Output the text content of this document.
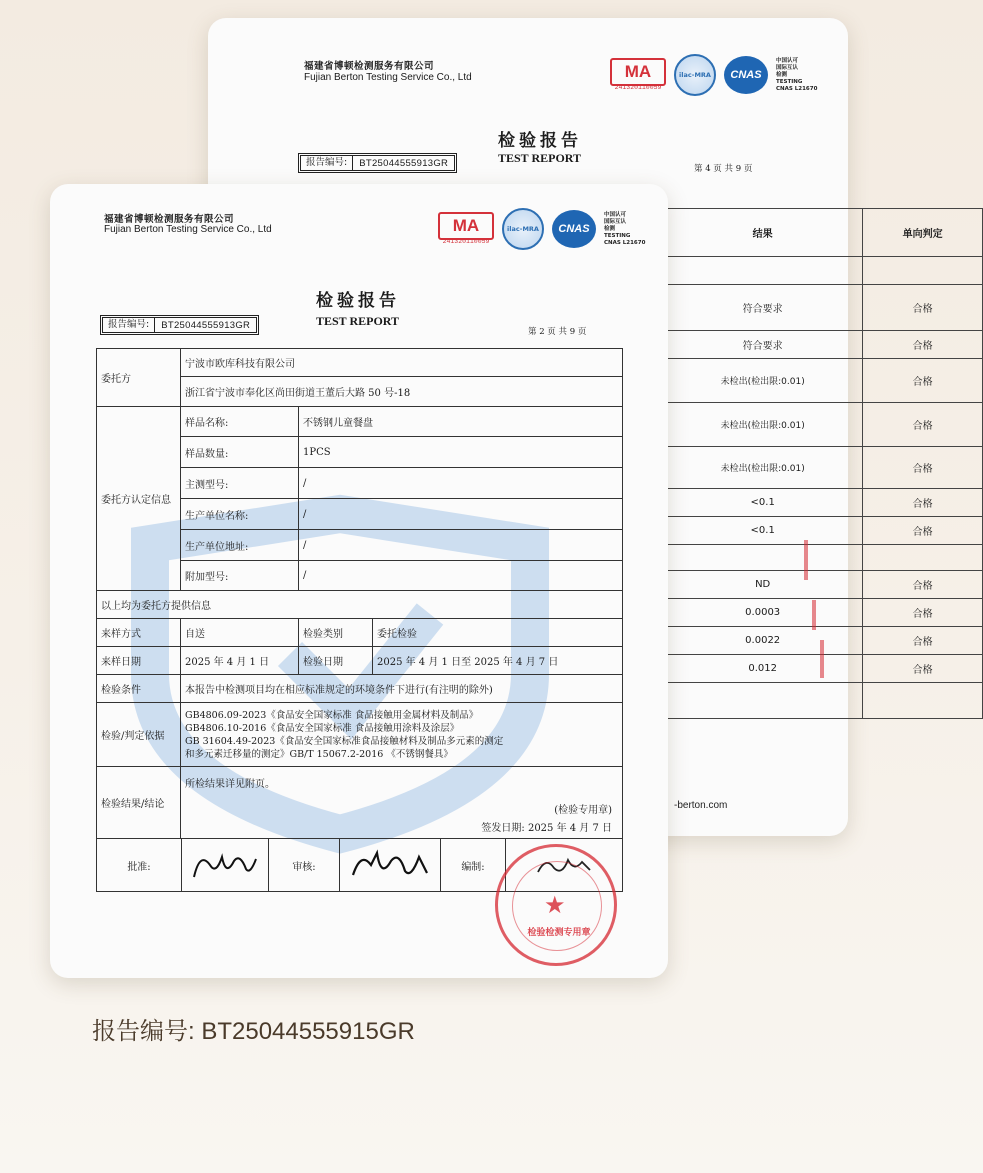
福建省博顿检测服务有限公司
Fujian Berton Testing Service Co., Ltd	MA
241320110059
ilac-MRA	CNAS
中国认可
国际互认
检测
TESTING
CNAS L21670
检验报告
TEST REPORT
报告编号:	BT25044555913GR
第 4 页 共 9 页
结果	单向判定

符合要求	合格
符合要求	合格
未检出(检出限:0.01)	合格
未检出(检出限:0.01)	合格
未检出(检出限:0.01)	合格
<0.1	合格
<0.1	合格

ND	合格
0.0003	合格
0.0022	合格
0.012	合格

-berton.com
福建省博顿检测服务有限公司
Fujian Berton Testing Service Co., Ltd	MA
241320110059
ilac-MRA	CNAS
中国认可
国际互认
检测
TESTING
CNAS L21670
检验报告
TEST REPORT
报告编号:	BT25044555913GR
第 2 页 共 9 页
委托方	宁波市欧库科技有限公司		
	浙江省宁波市奉化区尚田街道王董后大路 50 号-18		
委托方认定信息	样品名称:	不锈钢儿童餐盘	
	样品数量:	1PCS	
	主测型号:	/	
	生产单位名称:	/	
	生产单位地址:	/	
	附加型号:	/	
以上均为委托方提供信息			
来样方式	自送	检验类别	委托检验
来样日期	2025 年 4 月 1 日	检验日期	2025 年 4 月 1 日至 2025 年 4 月 7 日
检验条件	本报告中检测项目均在相应标准规定的环境条件下进行(有注明的除外)		
检验/判定依据	GB4806.09-2023《食品安全国家标准 食品接触用金属材料及制品》
GB4806.10-2016《食品安全国家标准 食品接触用涂料及涂层》
GB 31604.49-2023《食品安全国家标准食品接触材料及制品多元素的测定
和多元素迁移量的测定》GB/T 15067.2-2016 《不锈钢餐具》		

检验结果/结论	所检结果详见附页。
(检验专用章)
签发日期: 2025 年 4 月 7 日		

批准: 审核: 编制:			
★
检验检测专用章
报告编号: BT25044555915GR
